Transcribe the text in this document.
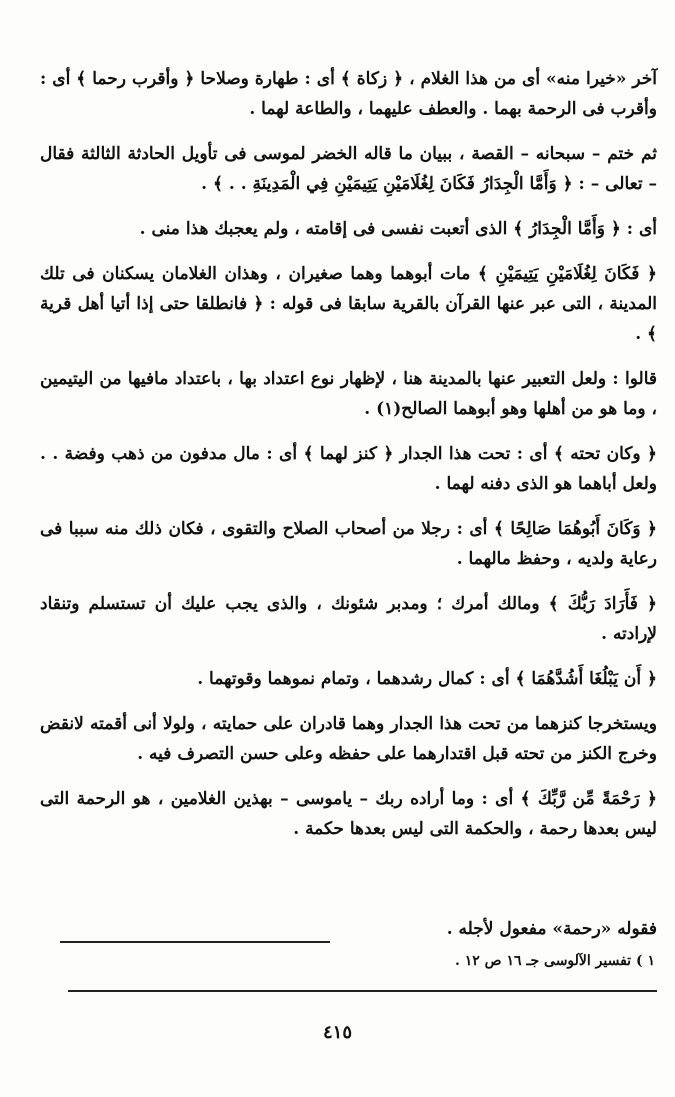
آخر «خيرا منه» أى من هذا الغلام ، ﴿ زكاة ﴾ أى : طهارة وصلاحا ﴿ وأقرب رحما ﴾ أى : وأقرب فى الرحمة بهما . والعطف عليهما ، والطاعة لهما .

ثم ختم – سبحانه – القصة ، ببيان ما قاله الخضر لموسى فى تأويل الحادثة الثالثة فقال – تعالى – : ﴿ وَأَمَّا الْجِدَارُ فَكَانَ لِغُلَامَيْنِ يَتِيمَيْنِ فِي الْمَدِينَةِ . . ﴾ .

أى : ﴿ وَأَمَّا الْجِدَارُ ﴾ الذى أتعبت نفسى فى إقامته ، ولم يعجبك هذا منى .

﴿ فَكَانَ لِغُلَامَيْنِ يَتِيمَيْنِ ﴾ مات أبوهما وهما صغيران ، وهذان الغلامان يسكنان فى تلك المدينة ، التى عبر عنها القرآن بالقرية سابقا فى قوله : ﴿ فانطلقا حتى إذا أتيا أهل قرية ﴾ .

قالوا : ولعل التعبير عنها بالمدينة هنا ، لإظهار نوع اعتداد بها ، باعتداد مافيها من اليتيمين ، وما هو من أهلها وهو أبوهما الصالح(١) .

﴿ وكان تحته ﴾ أى : تحت هذا الجدار ﴿ كنز لهما ﴾ أى : مال مدفون من ذهب وفضة . . ولعل أباهما هو الذى دفنه لهما .

﴿ وَكَانَ أَبُوهُمَا صَالِحًا ﴾ أى : رجلا من أصحاب الصلاح والتقوى ، فكان ذلك منه سببا فى رعاية ولديه ، وحفظ مالهما .

﴿ فَأَرَادَ رَبُّكَ ﴾ ومالك أمرك ؛ ومدبر شئونك ، والذى يجب عليك أن تستسلم وتنقاد لإرادته .

﴿ أَن يَبْلُغَا أَشُدَّهُمَا ﴾ أى : كمال رشدهما ، وتمام نموهما وقوتهما .

ويستخرجا كنزهما من تحت هذا الجدار وهما قادران على حمايته ، ولولا أنى أقمته لانقض وخرج الكنز من تحته قبل اقتدارهما على حفظه وعلى حسن التصرف فيه .

﴿ رَحْمَةً مِّن رَّبِّكَ ﴾ أى : وما أراده ربك – ياموسى – بهذين الغلامين ، هو الرحمة التى ليس بعدها رحمة ، والحكمة التى ليس بعدها حكمة .

فقوله «رحمة» مفعول لأجله .
١ ) تفسير الآلوسى جـ ١٦ ص ١٢ .
٤١٥
